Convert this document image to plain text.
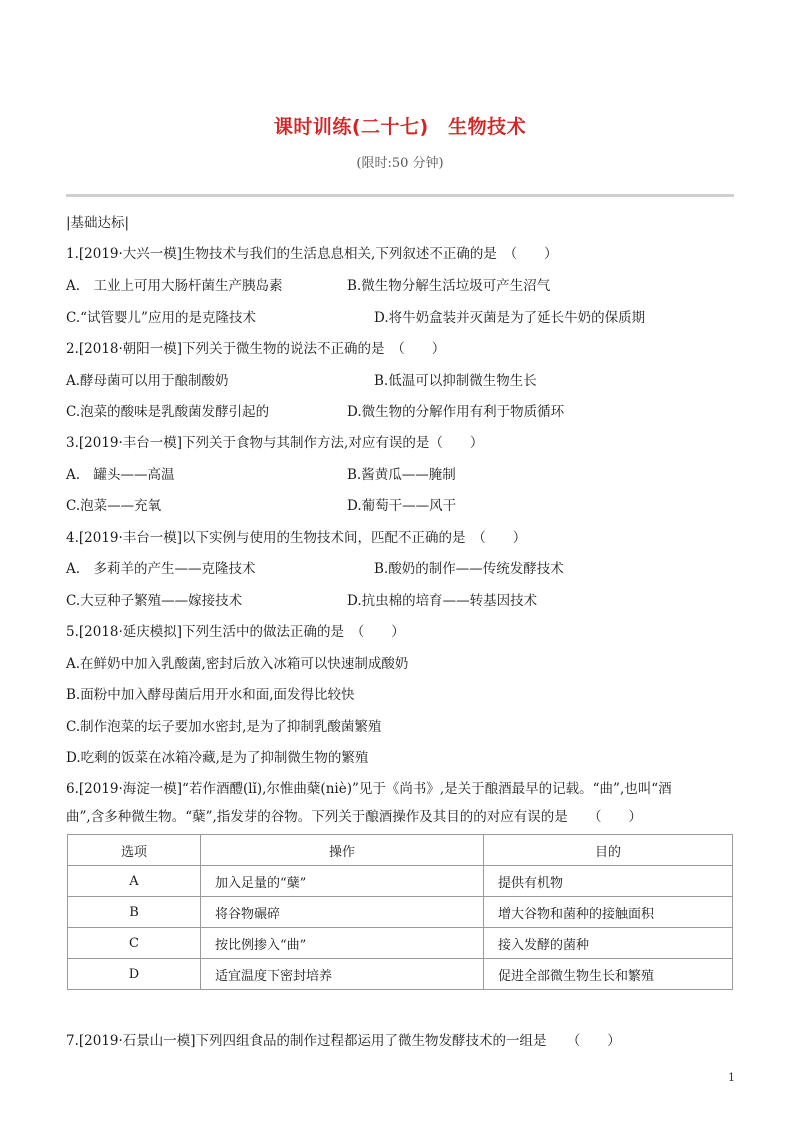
课时训练(二十七)　生物技术
(限时:50 分钟)
|基础达标|
1.[2019·大兴一模]生物技术与我们的生活息息相关,下列叙述不正确的是　（　　）
A.　工业上可用大肠杆菌生产胰岛素	B.微生物分解生活垃圾可产生沼气
C.“试管婴儿”应用的是克隆技术	D.将牛奶盒装并灭菌是为了延长牛奶的保质期
2.[2018·朝阳一模]下列关于微生物的说法不正确的是　（　　）
A.酵母菌可以用于酿制酸奶	B.低温可以抑制微生物生长
C.泡菜的酸味是乳酸菌发酵引起的	D.微生物的分解作用有利于物质循环
3.[2019·丰台一模]下列关于食物与其制作方法,对应有误的是（　　）
A.　罐头——高温	B.酱黄瓜——腌制
C.泡菜——充氧	D.葡萄干——风干
4.[2019·丰台一模]以下实例与使用的生物技术间，匹配不正确的是　（　　）
A.　多莉羊的产生——克隆技术	B.酸奶的制作——传统发酵技术
C.大豆种子繁殖——嫁接技术	D.抗虫棉的培育——转基因技术
5.[2018·延庆模拟]下列生活中的做法正确的是　（　　）
A.在鲜奶中加入乳酸菌,密封后放入冰箱可以快速制成酸奶
B.面粉中加入酵母菌后用开水和面,面发得比较快
C.制作泡菜的坛子要加水密封,是为了抑制乳酸菌繁殖
D.吃剩的饭菜在冰箱冷藏,是为了抑制微生物的繁殖
6.[2019·海淀一模]“若作酒醴(lǐ),尔惟曲蘖(niè)”见于《尚书》,是关于酿酒最早的记载。“曲”,也叫“酒
曲”,含多种微生物。“蘖”,指发芽的谷物。下列关于酿酒操作及其目的的对应有误的是　　（　　）
选项	操作	目的
A	加入足量的“蘖”	提供有机物
B	将谷物碾碎	增大谷物和菌种的接触面积
C	按比例掺入“曲”	接入发酵的菌种
D	适宜温度下密封培养	促进全部微生物生长和繁殖
7.[2019·石景山一模]下列四组食品的制作过程都运用了微生物发酵技术的一组是　　（　　）
1
